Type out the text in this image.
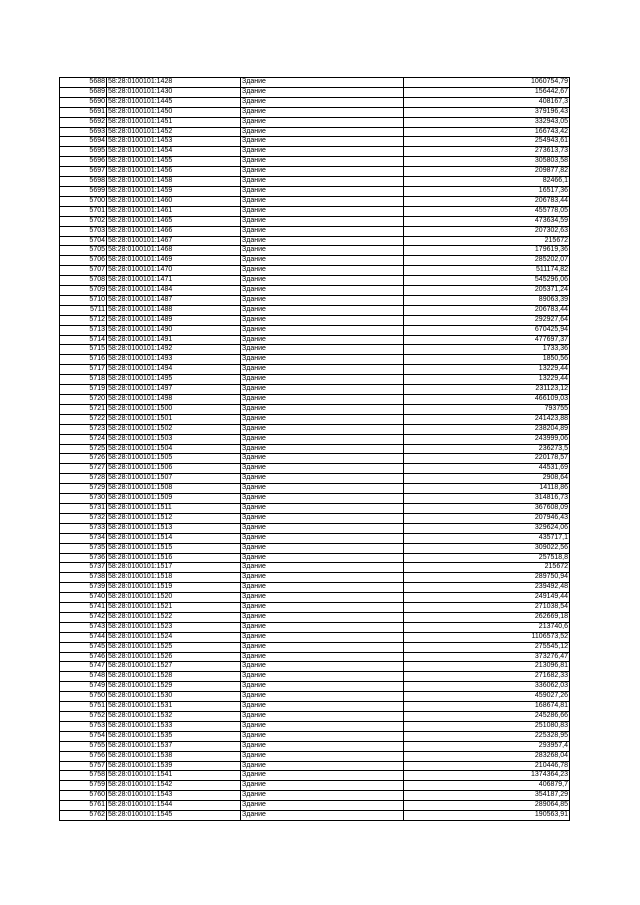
5688	58:28:0100101:1428	Здание	1060754,79
5689	58:28:0100101:1430	Здание	156442,67
5690	58:28:0100101:1445	Здание	408167,3
5691	58:28:0100101:1450	Здание	379196,43
5692	58:28:0100101:1451	Здание	332943,05
5693	58:28:0100101:1452	Здание	166743,42
5694	58:28:0100101:1453	Здание	254943,61
5695	58:28:0100101:1454	Здание	273613,73
5696	58:28:0100101:1455	Здание	305803,58
5697	58:28:0100101:1456	Здание	209877,82
5698	58:28:0100101:1458	Здание	82466,1
5699	58:28:0100101:1459	Здание	16517,36
5700	58:28:0100101:1460	Здание	206783,44
5701	58:28:0100101:1461	Здание	455778,05
5702	58:28:0100101:1465	Здание	473634,59
5703	58:28:0100101:1466	Здание	207302,63
5704	58:28:0100101:1467	Здание	215672
5705	58:28:0100101:1468	Здание	179619,36
5706	58:28:0100101:1469	Здание	285202,07
5707	58:28:0100101:1470	Здание	511174,82
5708	58:28:0100101:1471	Здание	545296,06
5709	58:28:0100101:1484	Здание	205371,24
5710	58:28:0100101:1487	Здание	89063,39
5711	58:28:0100101:1488	Здание	206783,44
5712	58:28:0100101:1489	Здание	292927,64
5713	58:28:0100101:1490	Здание	670425,94
5714	58:28:0100101:1491	Здание	477697,37
5715	58:28:0100101:1492	Здание	1733,36
5716	58:28:0100101:1493	Здание	1850,56
5717	58:28:0100101:1494	Здание	13229,44
5718	58:28:0100101:1495	Здание	13229,44
5719	58:28:0100101:1497	Здание	231123,12
5720	58:28:0100101:1498	Здание	466109,03
5721	58:28:0100101:1500	Здание	793755
5722	58:28:0100101:1501	Здание	241423,88
5723	58:28:0100101:1502	Здание	238204,89
5724	58:28:0100101:1503	Здание	243999,06
5725	58:28:0100101:1504	Здание	236273,5
5726	58:28:0100101:1505	Здание	220178,57
5727	58:28:0100101:1506	Здание	44531,69
5728	58:28:0100101:1507	Здание	2908,64
5729	58:28:0100101:1508	Здание	14118,86
5730	58:28:0100101:1509	Здание	314816,73
5731	58:28:0100101:1511	Здание	367608,09
5732	58:28:0100101:1512	Здание	207946,43
5733	58:28:0100101:1513	Здание	329624,06
5734	58:28:0100101:1514	Здание	435717,1
5735	58:28:0100101:1515	Здание	309022,56
5736	58:28:0100101:1516	Здание	257518,8
5737	58:28:0100101:1517	Здание	215672
5738	58:28:0100101:1518	Здание	289750,94
5739	58:28:0100101:1519	Здание	239492,48
5740	58:28:0100101:1520	Здание	249149,44
5741	58:28:0100101:1521	Здание	271038,54
5742	58:28:0100101:1522	Здание	262669,18
5743	58:28:0100101:1523	Здание	213740,6
5744	58:28:0100101:1524	Здание	1106573,52
5745	58:28:0100101:1525	Здание	275545,12
5746	58:28:0100101:1526	Здание	373276,47
5747	58:28:0100101:1527	Здание	213096,81
5748	58:28:0100101:1528	Здание	271682,33
5749	58:28:0100101:1529	Здание	336062,03
5750	58:28:0100101:1530	Здание	459027,26
5751	58:28:0100101:1531	Здание	168674,81
5752	58:28:0100101:1532	Здание	245286,66
5753	58:28:0100101:1533	Здание	251080,83
5754	58:28:0100101:1535	Здание	225328,95
5755	58:28:0100101:1537	Здание	293957,4
5756	58:28:0100101:1538	Здание	283268,04
5757	58:28:0100101:1539	Здание	210446,78
5758	58:28:0100101:1541	Здание	1374364,23
5759	58:28:0100101:1542	Здание	406879,7
5760	58:28:0100101:1543	Здание	354187,29
5761	58:28:0100101:1544	Здание	289064,85
5762	58:28:0100101:1545	Здание	190563,91
